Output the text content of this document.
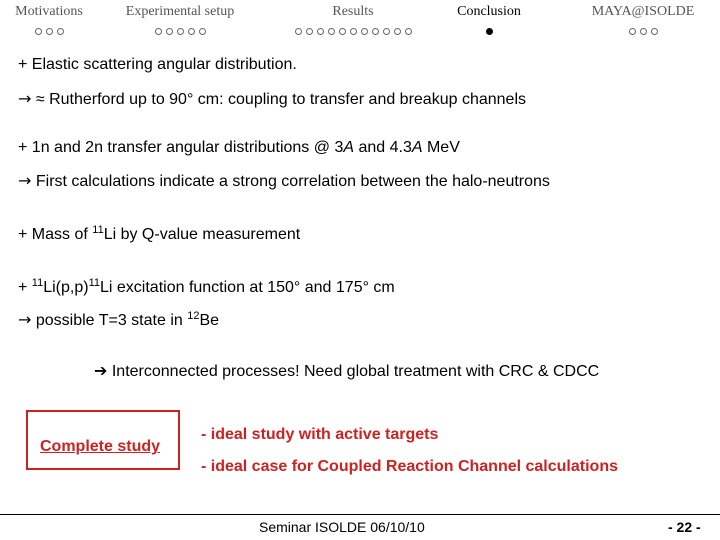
Motivations	Experimental setup	Results	Conclusion	MAYA@ISOLDE
+ Elastic scattering angular distribution.
→ ≈ Rutherford up to 90° cm: coupling to transfer and breakup channels
+ 1n and 2n transfer angular distributions @ 3A and 4.3A MeV
→ First calculations indicate a strong correlation between the halo-neutrons
+ Mass of $^{11}$Li by Q-value measurement
+ $^{11}Li(p,p)^{11}Li$ excitation function at 150° and 175° cm
→ possible T=3 state in $^{12}$Be
➔ Interconnected processes! Need global treatment with CRC & CDCC
Complete study
- ideal study with active targets
- ideal case for Coupled Reaction Channel calculations
Seminar ISOLDE 06/10/10	- 22 -
